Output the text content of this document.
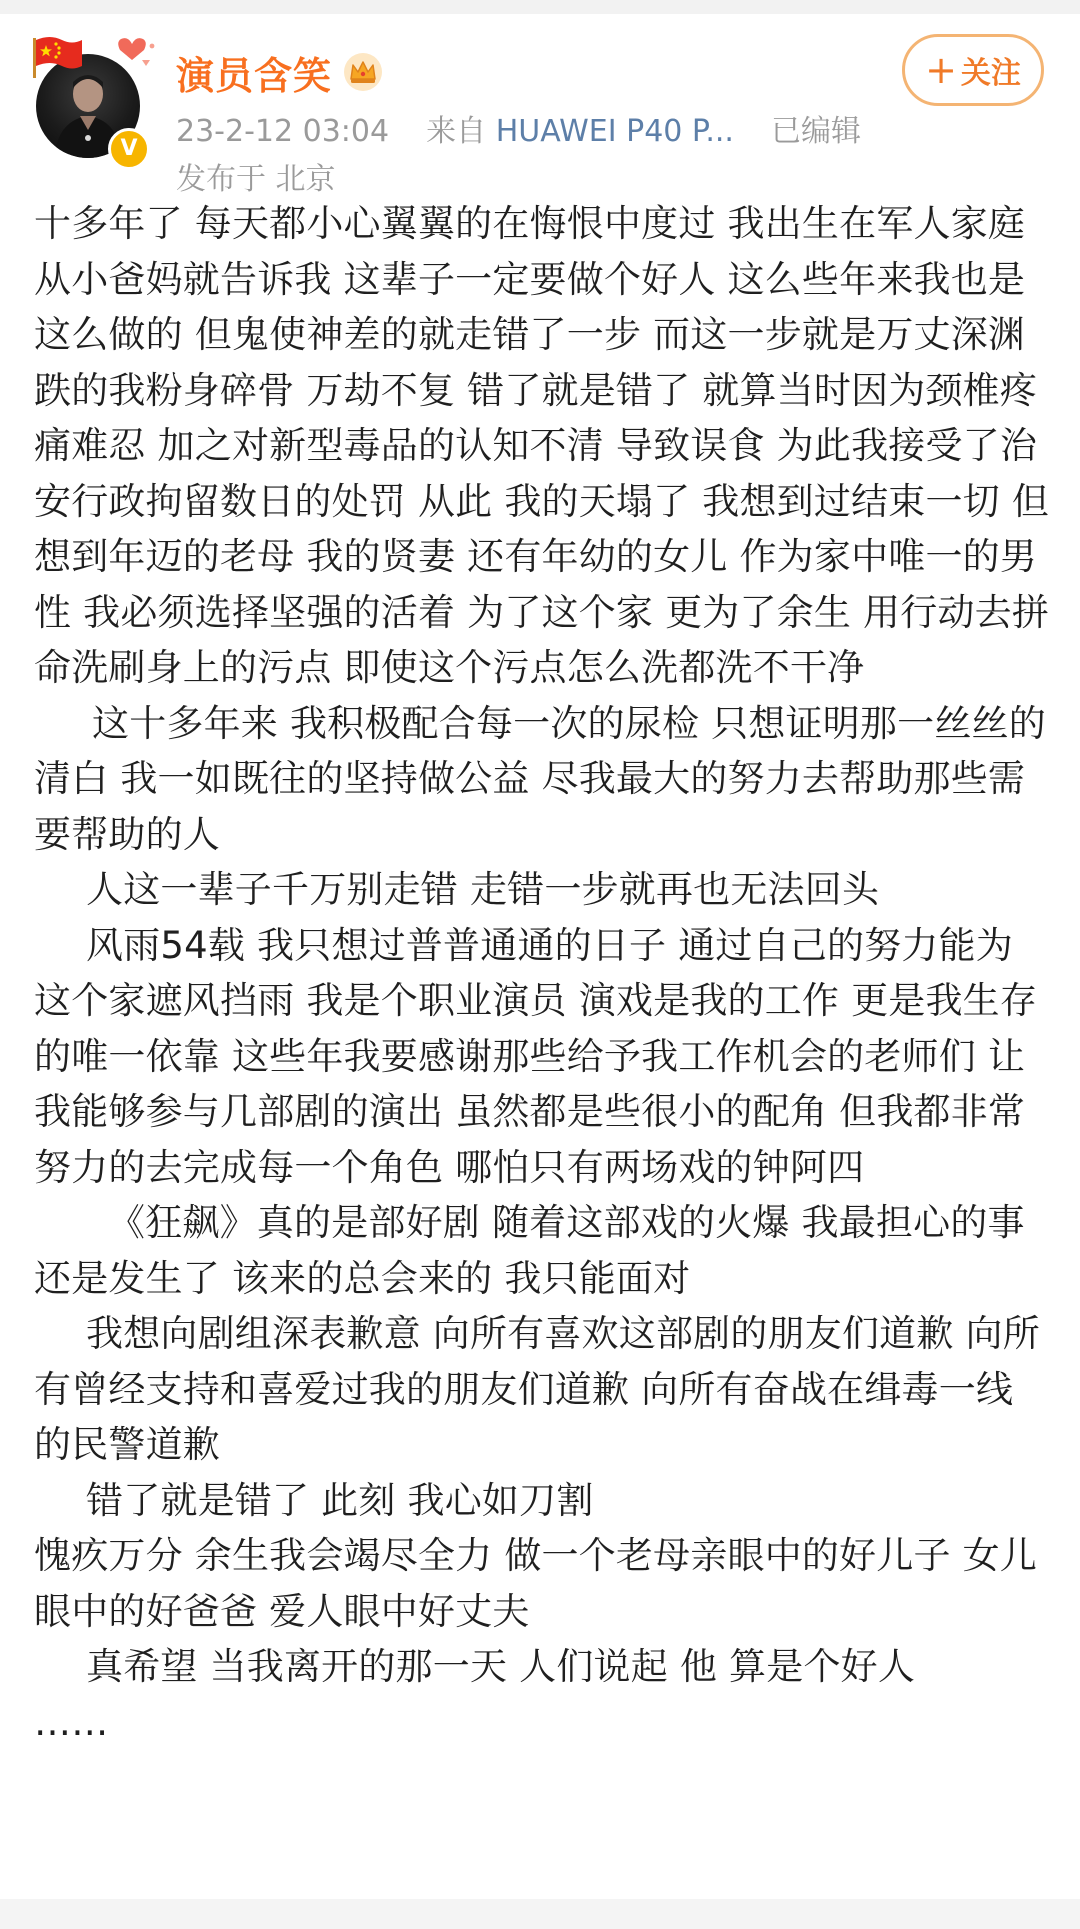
V
演员含笑
23-2-12 03:04 来自 HUAWEI P40 P... 已编辑
发布于 北京
+ 关注

十多年了 每天都小心翼翼的在悔恨中度过 我出生在军人家庭 从小爸妈就告诉我 这辈子一定要做个好人 这么些年来我也是这么做的 但鬼使神差的就走错了一步 而这一步就是万丈深渊 跌的我粉身碎骨 万劫不复 错了就是错了 就算当时因为颈椎疼痛难忍 加之对新型毒品的认知不清 导致误食 为此我接受了治安行政拘留数日的处罚 从此 我的天塌了 我想到过结束一切 但想到年迈的老母 我的贤妻 还有年幼的女儿 作为家中唯一的男性 我必须选择坚强的活着 为了这个家 更为了余生 用行动去拼命洗刷身上的污点 即使这个污点怎么洗都洗不干净

这十多年来 我积极配合每一次的尿检 只想证明那一丝丝的清白 我一如既往的坚持做公益 尽我最大的努力去帮助那些需要帮助的人

人这一辈子千万别走错 走错一步就再也无法回头

风雨54载 我只想过普普通通的日子 通过自己的努力能为这个家遮风挡雨 我是个职业演员 演戏是我的工作 更是我生存的唯一依靠 这些年我要感谢那些给予我工作机会的老师们 让我能够参与几部剧的演出 虽然都是些很小的配角 但我都非常努力的去完成每一个角色 哪怕只有两场戏的钟阿四

《狂飙》真的是部好剧 随着这部戏的火爆 我最担心的事还是发生了 该来的总会来的 我只能面对

我想向剧组深表歉意 向所有喜欢这部剧的朋友们道歉 向所有曾经支持和喜爱过我的朋友们道歉 向所有奋战在缉毒一线的民警道歉

错了就是错了 此刻 我心如刀割

愧疚万分 余生我会竭尽全力 做一个老母亲眼中的好儿子 女儿眼中的好爸爸 爱人眼中好丈夫

真希望 当我离开的那一天 人们说起 他 算是个好人

……
